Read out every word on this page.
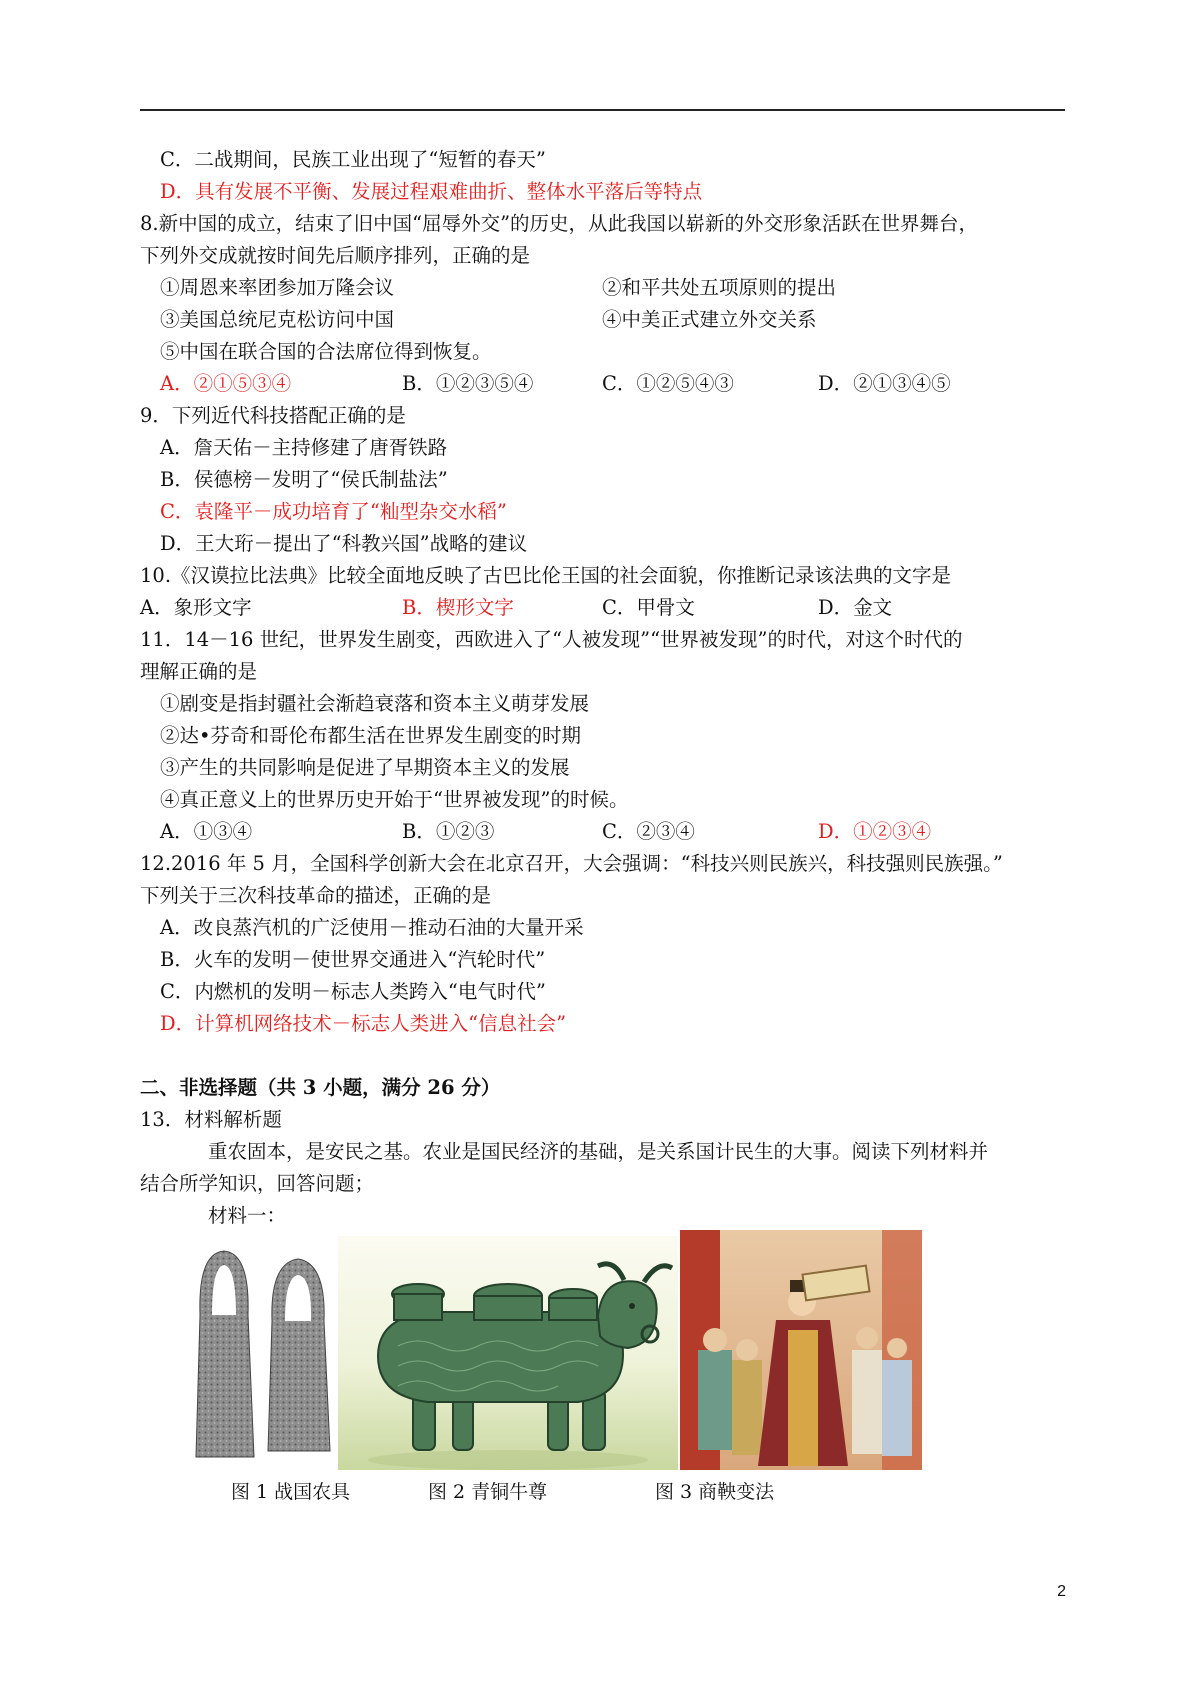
C．二战期间，民族工业出现了“短暂的春天”
D．具有发展不平衡、发展过程艰难曲折、整体水平落后等特点
8.新中国的成立，结束了旧中国“屈辱外交”的历史，从此我国以崭新的外交形象活跃在世界舞台，
下列外交成就按时间先后顺序排列，正确的是
①周恩来率团参加万隆会议	②和平共处五项原则的提出
③美国总统尼克松访问中国	④中美正式建立外交关系
⑤中国在联合国的合法席位得到恢复。
A．②①⑤③④	B．①②③⑤④	C．①②⑤④③	D．②①③④⑤
9．下列近代科技搭配正确的是
A．詹天佑－主持修建了唐胥铁路
B．侯德榜－发明了“侯氏制盐法”
C．袁隆平－成功培育了“籼型杂交水稻”
D．王大珩－提出了“科教兴国”战略的建议
10.《汉谟拉比法典》比较全面地反映了古巴比伦王国的社会面貌，你推断记录该法典的文字是
A．象形文字	B．楔形文字	C．甲骨文	D．金文
11．14－16 世纪，世界发生剧变，西欧进入了“人被发现”“世界被发现”的时代，对这个时代的
理解正确的是
①剧变是指封疆社会渐趋衰落和资本主义萌芽发展
②达•芬奇和哥伦布都生活在世界发生剧变的时期
③产生的共同影响是促进了早期资本主义的发展
④真正意义上的世界历史开始于“世界被发现”的时候。
A．①③④	B．①②③	C．②③④	D．①②③④
12.2016 年 5 月，全国科学创新大会在北京召开，大会强调：“科技兴则民族兴，科技强则民族强。”
下列关于三次科技革命的描述，正确的是
A．改良蒸汽机的广泛使用－推动石油的大量开采
B．火车的发明－使世界交通进入“汽轮时代”
C．内燃机的发明－标志人类跨入“电气时代”
D．计算机网络技术－标志人类进入“信息社会”
二、非选择题（共 3 小题，满分 26 分）
13．材料解析题
重农固本，是安民之基。农业是国民经济的基础，是关系国计民生的大事。阅读下列材料并
结合所学知识，回答问题；
材料一：
图 1 战国农具	图 2 青铜牛尊	图 3 商鞅变法
2
